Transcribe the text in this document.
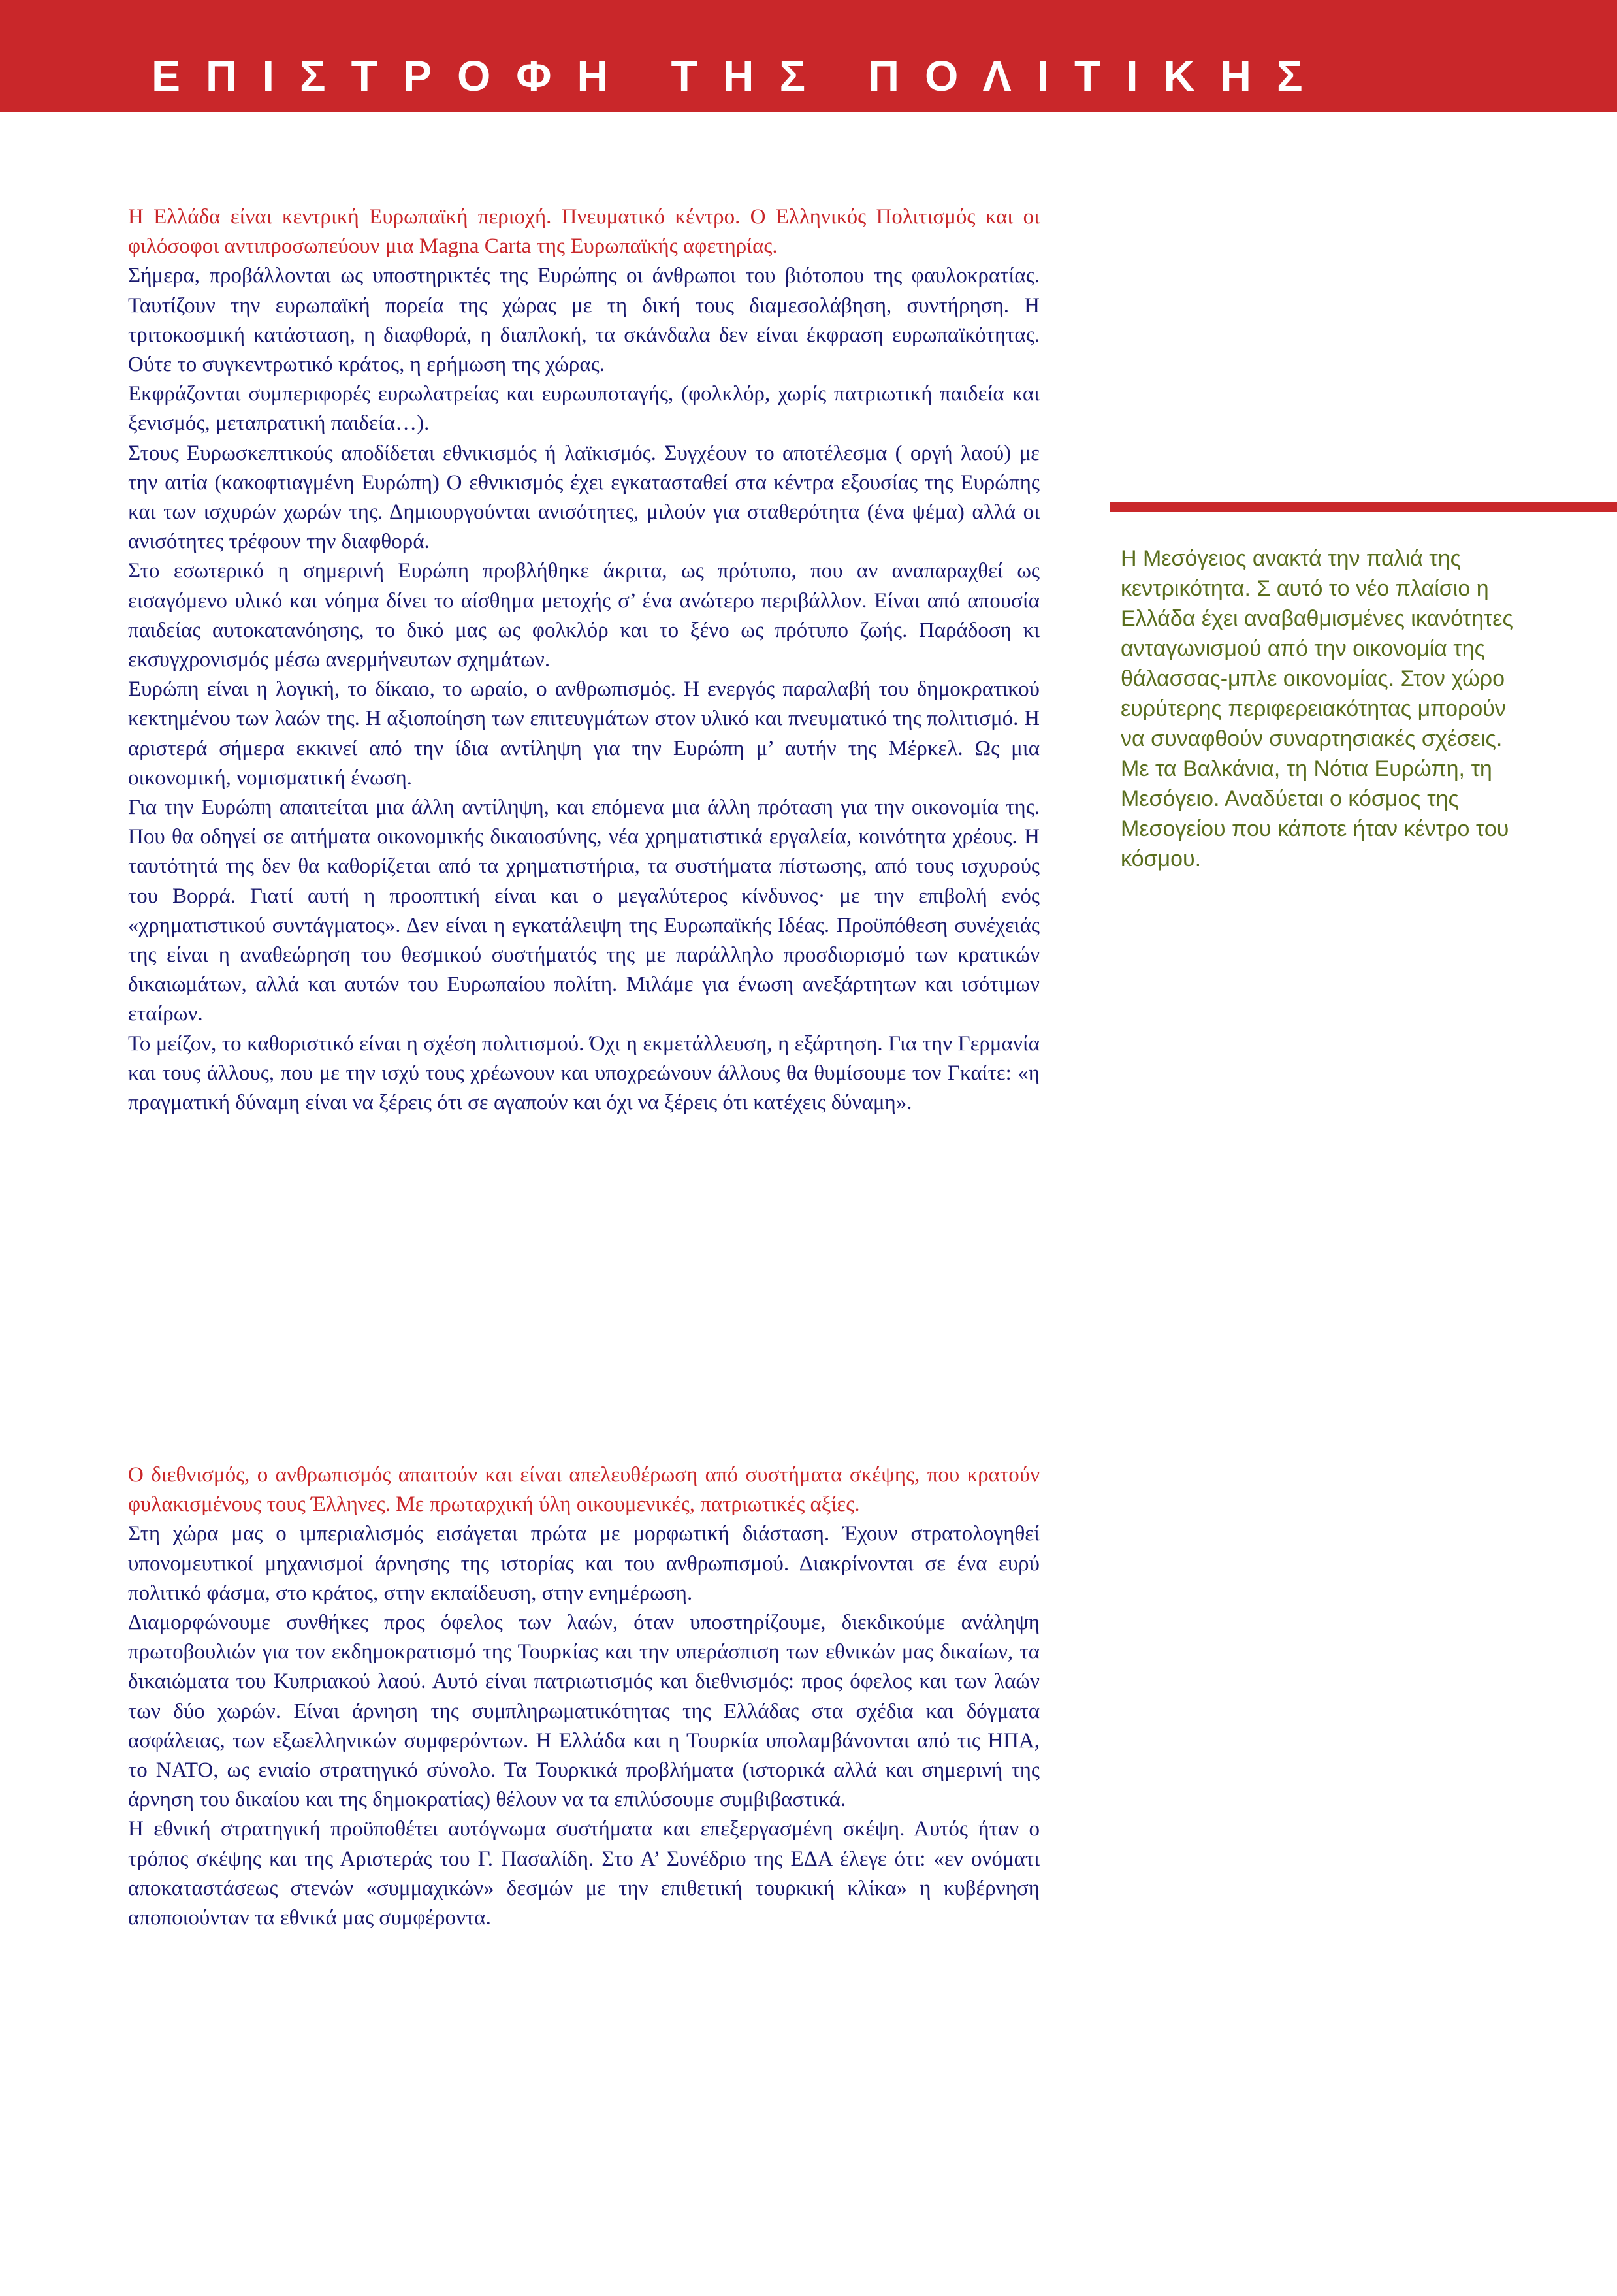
ΕΠΙΣΤΡΟΦΗ ΤΗΣ ΠΟΛΙΤΙΚΗΣ

Η Ελλάδα είναι κεντρική Ευρωπαϊκή περιοχή. Πνευματικό κέντρο. Ο Ελληνικός Πολιτισμός και οι φιλόσοφοι αντιπροσωπεύουν μια Magna Carta της Ευρωπαϊκής αφετηρίας.

Σήμερα, προβάλλονται ως υποστηρικτές της Ευρώπης οι άνθρωποι του βιότοπου της φαυλοκρατίας. Ταυτίζουν την ευρωπαϊκή πορεία της χώρας με τη δική τους διαμεσολάβηση, συντήρηση. Η τριτοκοσμική κατάσταση, η διαφθορά, η διαπλοκή, τα σκάνδαλα δεν είναι έκφραση ευρωπαϊκότητας. Ούτε το συγκεντρωτικό κράτος, η ερήμωση της χώρας.

Εκφράζονται συμπεριφορές ευρωλατρείας και ευρωυποταγής, (φολκλόρ, χωρίς πατριωτική παιδεία και ξενισμός, μεταπρατική παιδεία…).

Στους Ευρωσκεπτικούς αποδίδεται εθνικισμός ή λαϊκισμός. Συγχέουν το αποτέλεσμα ( οργή λαού) με την αιτία (κακοφτιαγμένη Ευρώπη) Ο εθνικισμός έχει εγκατασταθεί στα κέντρα εξουσίας της Ευρώπης και των ισχυρών χωρών της. Δημιουργούνται ανισότητες, μιλούν για σταθερότητα (ένα ψέμα) αλλά οι ανισότητες τρέφουν την διαφθορά.

Στο εσωτερικό η σημερινή Ευρώπη προβλήθηκε άκριτα, ως πρότυπο, που αν αναπαραχθεί ως εισαγόμενο υλικό και νόημα δίνει το αίσθημα μετοχής σ’ ένα ανώτερο περιβάλλον. Είναι από απουσία παιδείας αυτοκατανόησης, το δικό μας ως φολκλόρ και το ξένο ως πρότυπο ζωής. Παράδοση κι εκσυγχρονισμός μέσω ανερμήνευτων σχημάτων.

Ευρώπη είναι η λογική, το δίκαιο, το ωραίο, ο ανθρωπισμός. Η ενεργός παραλαβή του δημοκρατικού κεκτημένου των λαών της. Η αξιοποίηση των επιτευγμάτων στον υλικό και πνευματικό της πολιτισμό. Η αριστερά σήμερα εκκινεί από την ίδια αντίληψη για την Ευρώπη μ’ αυτήν της Μέρκελ. Ως μια οικονομική, νομισματική ένωση.

Για την Ευρώπη απαιτείται μια άλλη αντίληψη, και επόμενα μια άλλη πρόταση για την οικονομία της. Που θα οδηγεί σε αιτήματα οικονομικής δικαιοσύνης, νέα χρηματιστικά εργαλεία, κοινότητα χρέους. Η ταυτότητά της δεν θα καθορίζεται από τα χρηματιστήρια, τα συστήματα πίστωσης, από τους ισχυρούς του Βορρά. Γιατί αυτή η προοπτική είναι και ο μεγαλύτερος κίνδυνος· με την επιβολή ενός «χρηματιστικού συντάγματος». Δεν είναι η εγκατάλειψη της Ευρωπαϊκής Ιδέας. Προϋπόθεση συνέχειάς της είναι η αναθεώρηση του θεσμικού συστήματός της με παράλληλο προσδιορισμό των κρατικών δικαιωμάτων, αλλά και αυτών του Ευρωπαίου πολίτη. Μιλάμε για ένωση ανεξάρτητων και ισότιμων εταίρων.

Το μείζον, το καθοριστικό είναι η σχέση πολιτισμού. Όχι η εκμετάλλευση, η εξάρτηση. Για την Γερμανία και τους άλλους, που με την ισχύ τους χρέωνουν και υποχρεώνουν άλλους θα θυμίσουμε τον Γκαίτε: «η πραγματική δύναμη είναι να ξέρεις ότι σε αγαπούν και όχι να ξέρεις ότι κατέχεις δύναμη».

Η Μεσόγειος ανακτά την παλιά της κεντρικότητα. Σ αυτό το νέο πλαίσιο η Ελλάδα έχει αναβαθμισμένες ικανότητες ανταγωνισμού από την οικονομία της θάλασσας-μπλε οικονομίας. Στον χώρο ευρύτερης περιφερειακότητας μπορούν να συναφθούν συναρτησιακές σχέσεις. Με τα Βαλκάνια, τη Νότια Ευρώπη, τη Μεσόγειο. Αναδύεται ο κόσμος της Μεσογείου που κάποτε ήταν κέντρο του κόσμου.

Ο διεθνισμός, ο ανθρωπισμός απαιτούν και είναι απελευθέρωση από συστήματα σκέψης, που κρατούν φυλακισμένους τους Έλληνες. Με πρωταρχική ύλη οικουμενικές, πατριωτικές αξίες.

Στη χώρα μας ο ιμπεριαλισμός εισάγεται πρώτα με μορφωτική διάσταση. Έχουν στρατολογηθεί υπονομευτικοί μηχανισμοί άρνησης της ιστορίας και του ανθρωπισμού. Διακρίνονται σε ένα ευρύ πολιτικό φάσμα, στο κράτος, στην εκπαίδευση, στην ενημέρωση.

Διαμορφώνουμε συνθήκες προς όφελος των λαών, όταν υποστηρίζουμε, διεκδικούμε ανάληψη πρωτοβουλιών για τον εκδημοκρατισμό της Τουρκίας και την υπεράσπιση των εθνικών μας δικαίων, τα δικαιώματα του Κυπριακού λαού. Αυτό είναι πατριωτισμός και διεθνισμός: προς όφελος και των λαών των δύο χωρών. Είναι άρνηση της συμπληρωματικότητας της Ελλάδας στα σχέδια και δόγματα ασφάλειας, των εξωελληνικών συμφερόντων. Η Ελλάδα και η Τουρκία υπολαμβάνονται από τις ΗΠΑ, το ΝΑΤΟ, ως ενιαίο στρατηγικό σύνολο. Τα Τουρκικά προβλήματα (ιστορικά αλλά και σημερινή της άρνηση του δικαίου και της δημοκρατίας) θέλουν να τα επιλύσουμε συμβιβαστικά.

Η εθνική στρατηγική προϋποθέτει αυτόγνωμα συστήματα και επεξεργασμένη σκέψη. Αυτός ήταν ο τρόπος σκέψης και της Αριστεράς του Γ. Πασαλίδη. Στο Α’ Συνέδριο της ΕΔΑ έλεγε ότι: «εν ονόματι αποκαταστάσεως στενών «συμμαχικών» δεσμών με την επιθετική τουρκική κλίκα» η κυβέρνηση αποποιούνταν τα εθνικά μας συμφέροντα.
